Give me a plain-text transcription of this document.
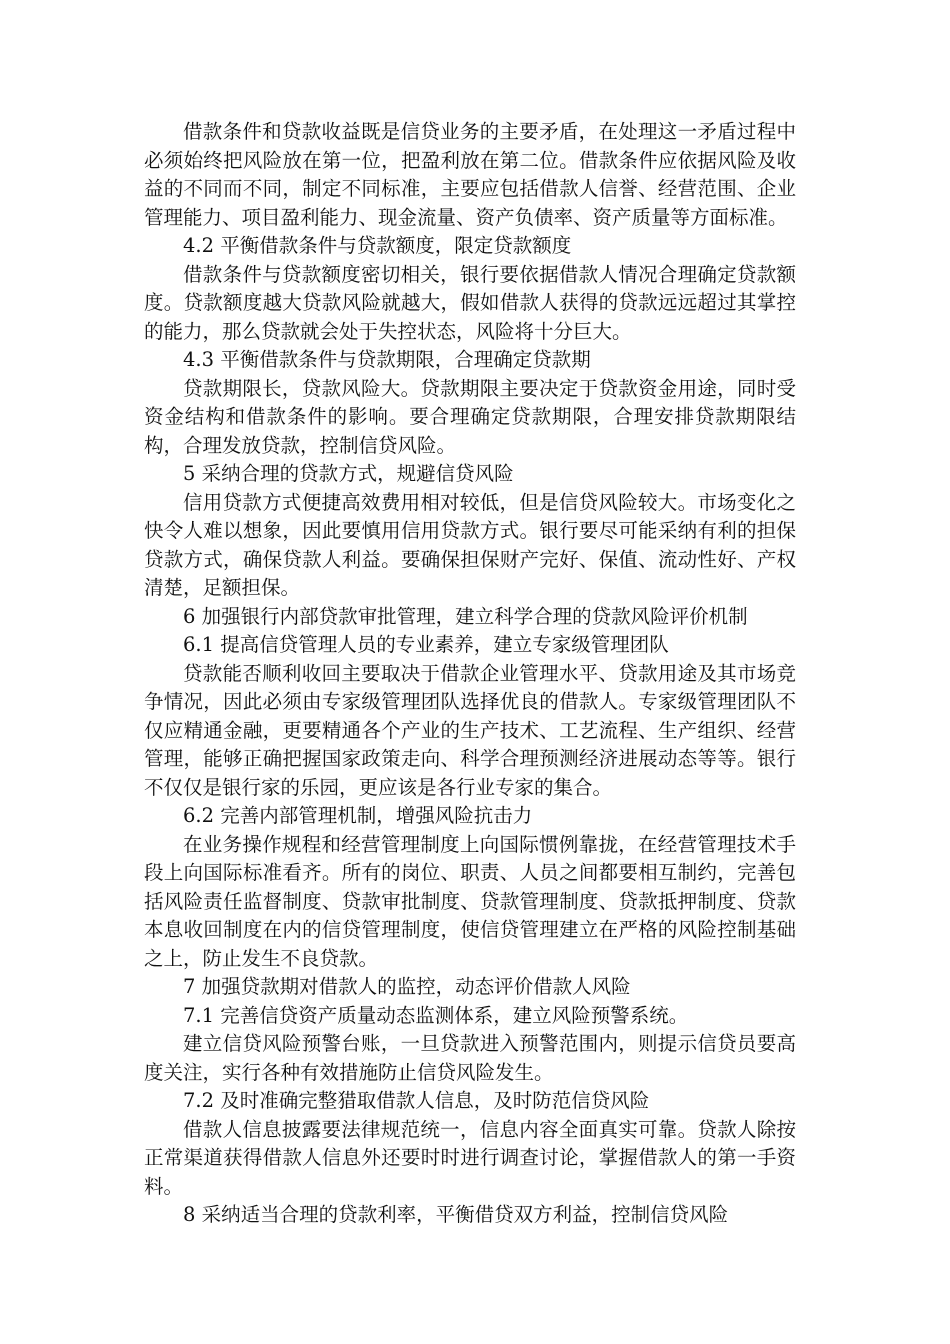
借款条件和贷款收益既是信贷业务的主要矛盾，在处理这一矛盾过程中必须始终把风险放在第一位，把盈利放在第二位。借款条件应依据风险及收益的不同而不同，制定不同标准，主要应包括借款人信誉、经营范围、企业管理能力、项目盈利能力、现金流量、资产负债率、资产质量等方面标准。

4.2 平衡借款条件与贷款额度，限定贷款额度

借款条件与贷款额度密切相关，银行要依据借款人情况合理确定贷款额度。贷款额度越大贷款风险就越大，假如借款人获得的贷款远远超过其掌控的能力，那么贷款就会处于失控状态，风险将十分巨大。

4.3 平衡借款条件与贷款期限，合理确定贷款期

贷款期限长，贷款风险大。贷款期限主要决定于贷款资金用途，同时受资金结构和借款条件的影响。要合理确定贷款期限，合理安排贷款期限结构，合理发放贷款，控制信贷风险。

5 采纳合理的贷款方式，规避信贷风险

信用贷款方式便捷高效费用相对较低，但是信贷风险较大。市场变化之快令人难以想象，因此要慎用信用贷款方式。银行要尽可能采纳有利的担保贷款方式，确保贷款人利益。要确保担保财产完好、保值、流动性好、产权清楚，足额担保。

6 加强银行内部贷款审批管理，建立科学合理的贷款风险评价机制

6.1 提高信贷管理人员的专业素养，建立专家级管理团队

贷款能否顺利收回主要取决于借款企业管理水平、贷款用途及其市场竞争情况，因此必须由专家级管理团队选择优良的借款人。专家级管理团队不仅应精通金融，更要精通各个产业的生产技术、工艺流程、生产组织、经营管理，能够正确把握国家政策走向、科学合理预测经济进展动态等等。银行不仅仅是银行家的乐园，更应该是各行业专家的集合。

6.2 完善内部管理机制，增强风险抗击力

在业务操作规程和经营管理制度上向国际惯例靠拢，在经营管理技术手段上向国际标准看齐。所有的岗位、职责、人员之间都要相互制约，完善包括风险责任监督制度、贷款审批制度、贷款管理制度、贷款抵押制度、贷款本息收回制度在内的信贷管理制度，使信贷管理建立在严格的风险控制基础之上，防止发生不良贷款。

7 加强贷款期对借款人的监控，动态评价借款人风险

7.1 完善信贷资产质量动态监测体系，建立风险预警系统。

建立信贷风险预警台账，一旦贷款进入预警范围内，则提示信贷员要高度关注，实行各种有效措施防止信贷风险发生。

7.2 及时准确完整猎取借款人信息，及时防范信贷风险

借款人信息披露要法律规范统一，信息内容全面真实可靠。贷款人除按正常渠道获得借款人信息外还要时时进行调查讨论，掌握借款人的第一手资料。

8 采纳适当合理的贷款利率，平衡借贷双方利益，控制信贷风险
